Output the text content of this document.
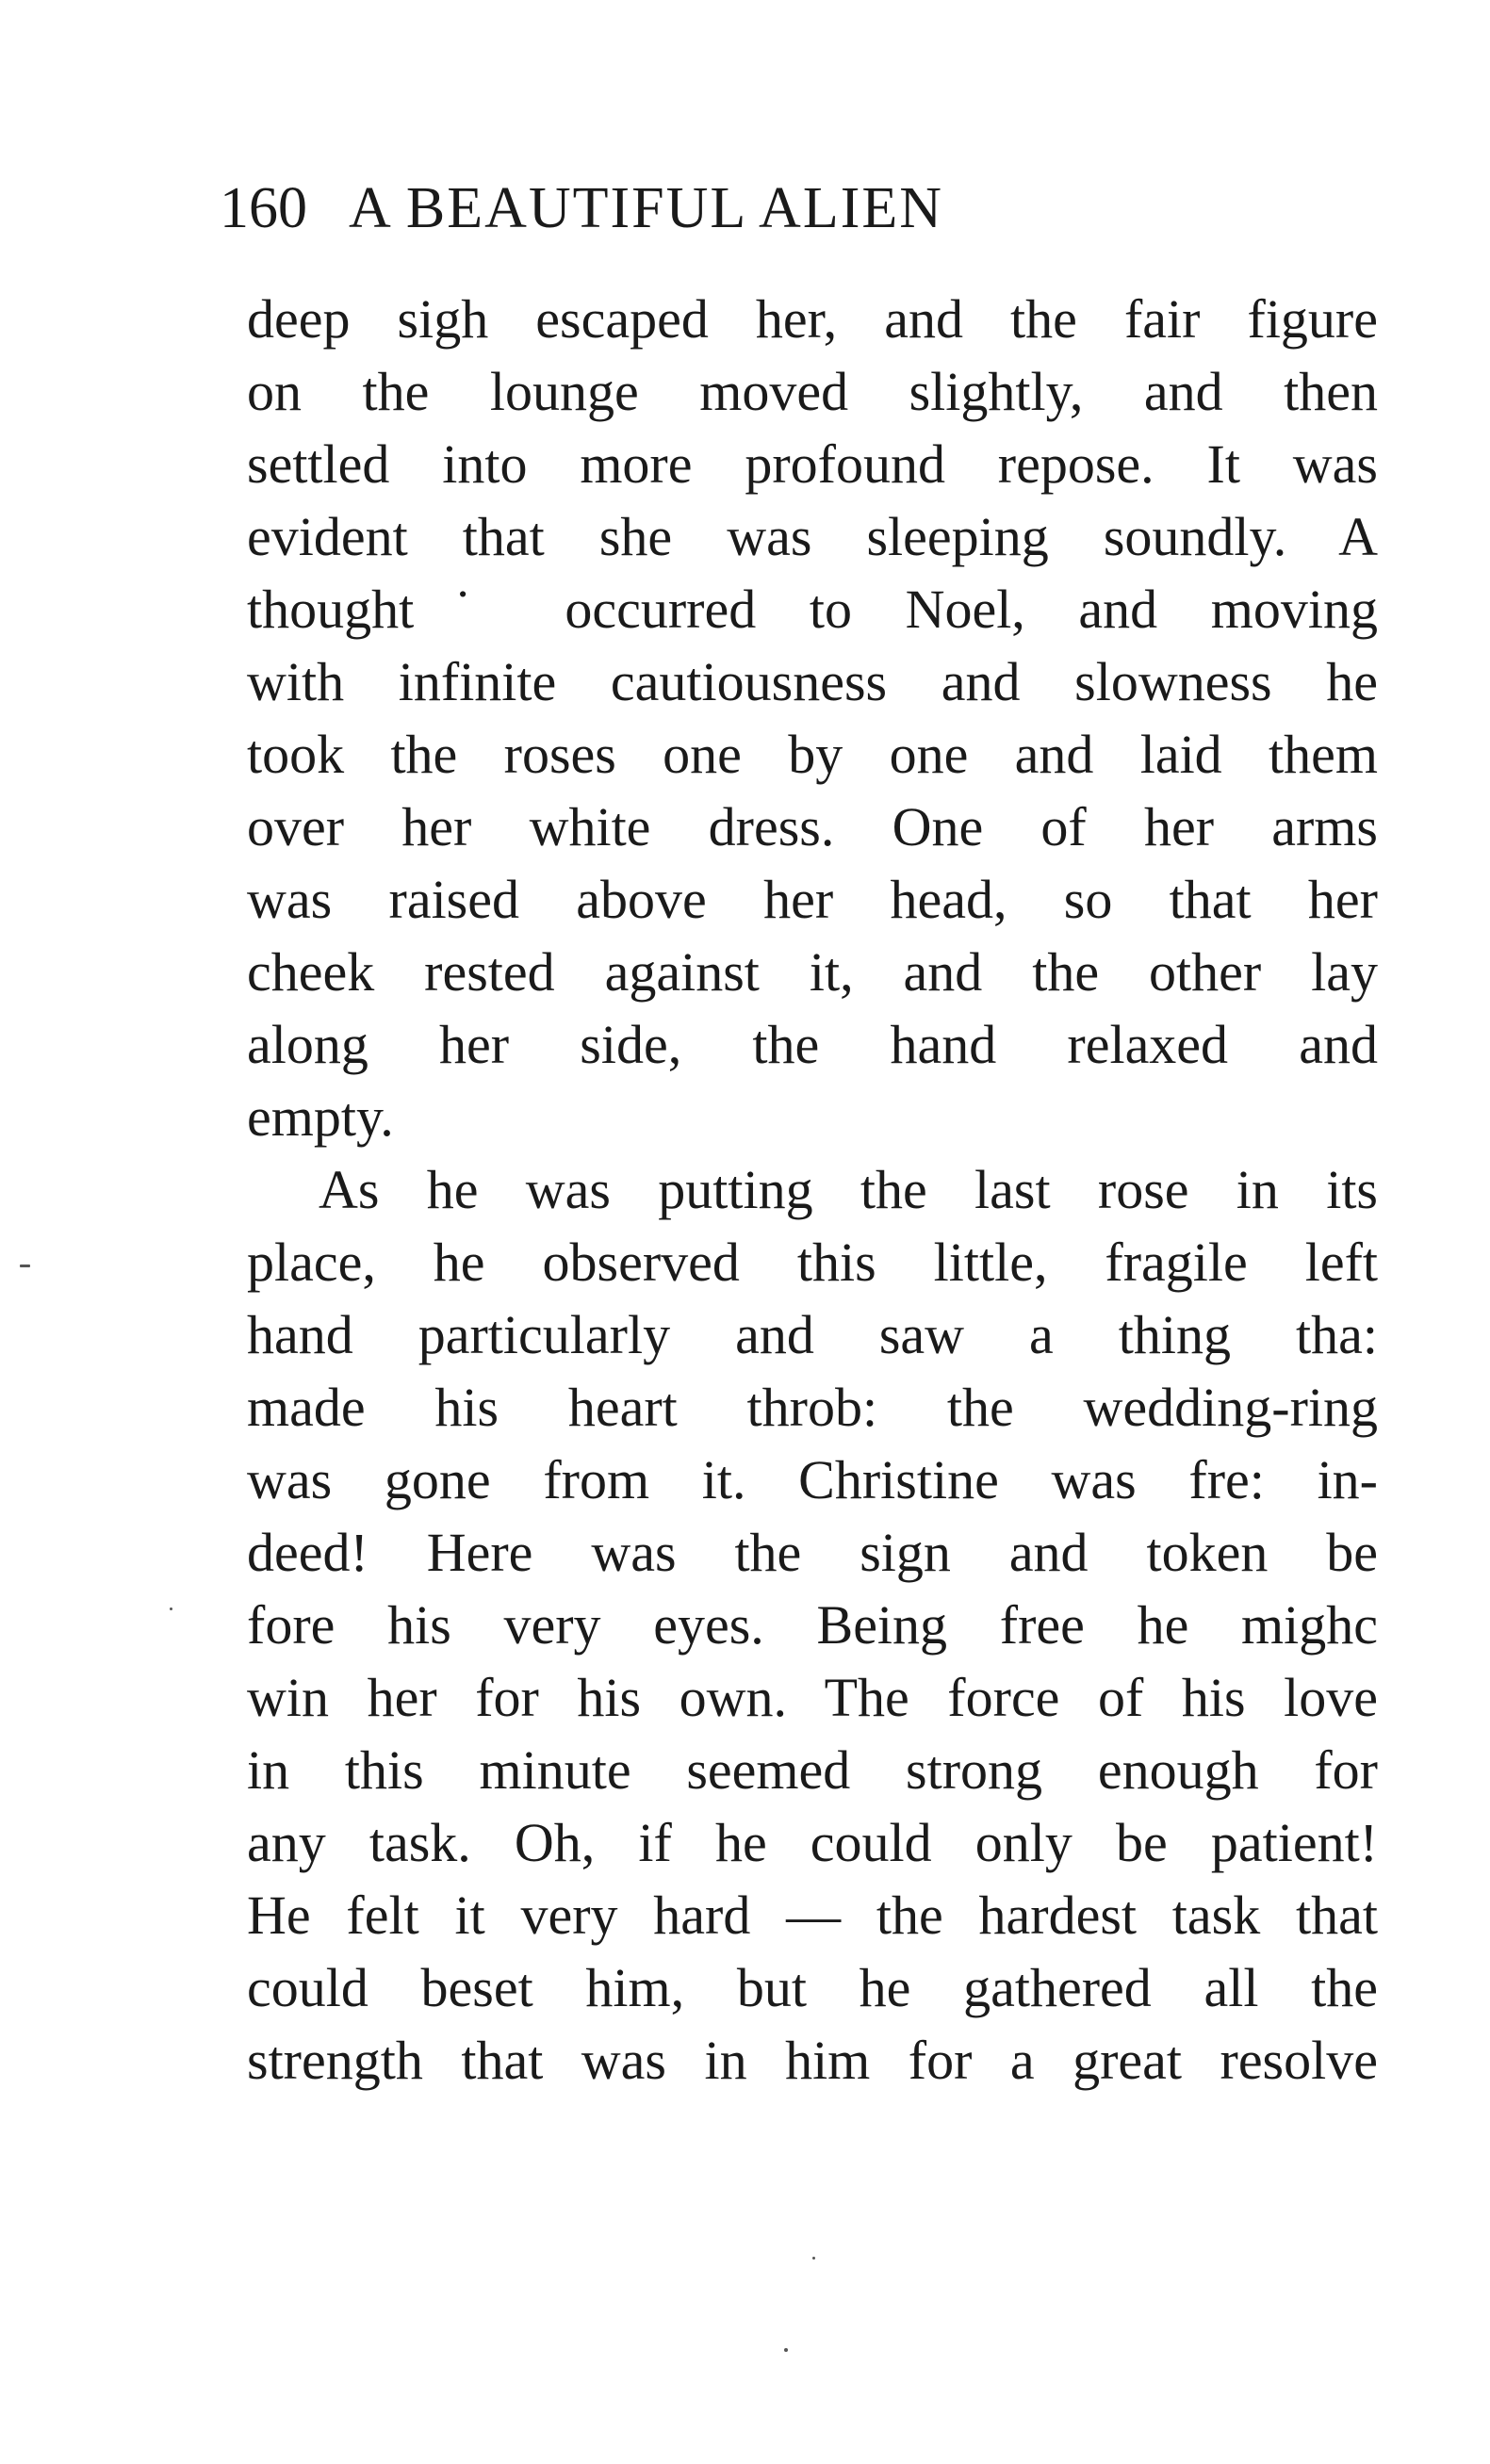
160 A BEAUTIFUL ALIEN
deep sigh escaped her, and the fair figure
on the lounge moved slightly, and then
settled into more profound repose. It was
evident that she was sleeping soundly. A
thought˙ occurred to Noel, and moving
with infinite cautiousness and slowness he
took the roses one by one and laid them
over her white dress. One of her arms
was raised above her head, so that her
cheek rested against it, and the other lay
along her side, the hand relaxed and
empty.
As he was putting the last rose in its
place, he observed this little, fragile left
hand particularly and saw a thing tha:
made his heart throb: the wedding-ring
was gone from it. Christine was fre: in-
deed! Here was the sign and token be
fore his very eyes. Being free he mighc
win her for his own. The force of his love
in this minute seemed strong enough for
any task. Oh, if he could only be patient!
He felt it very hard — the hardest task that
could beset him, but he gathered all the
strength that was in him for a great resolve
